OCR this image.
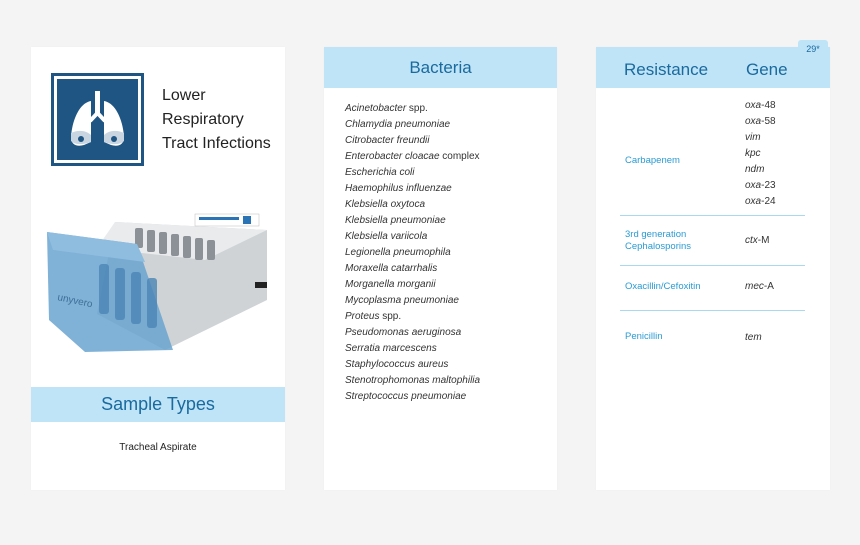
Lower
Respiratory
Tract Infections
unyvero
Sample Types
Tracheal Aspirate
Bacteria
Acinetobacter spp.
Chlamydia pneumoniae
Citrobacter freundii
Enterobacter cloacae complex
Escherichia coli
Haemophilus influenzae
Klebsiella oxytoca
Klebsiella pneumoniae
Klebsiella variicola
Legionella pneumophila
Moraxella catarrhalis
Morganella morganii
Mycoplasma pneumoniae
Proteus spp.
Pseudomonas aeruginosa
Serratia marcescens
Staphylococcus aureus
Stenotrophomonas maltophilia
Streptococcus pneumoniae
Resistance Gene
29*
Carbapenem
oxa-48
oxa-58
vim
kpc
ndm
oxa-23
oxa-24
3rd generation Cephalosporins
ctx-M
Oxacillin/Cefoxitin	mec-A
Penicillin	tem
